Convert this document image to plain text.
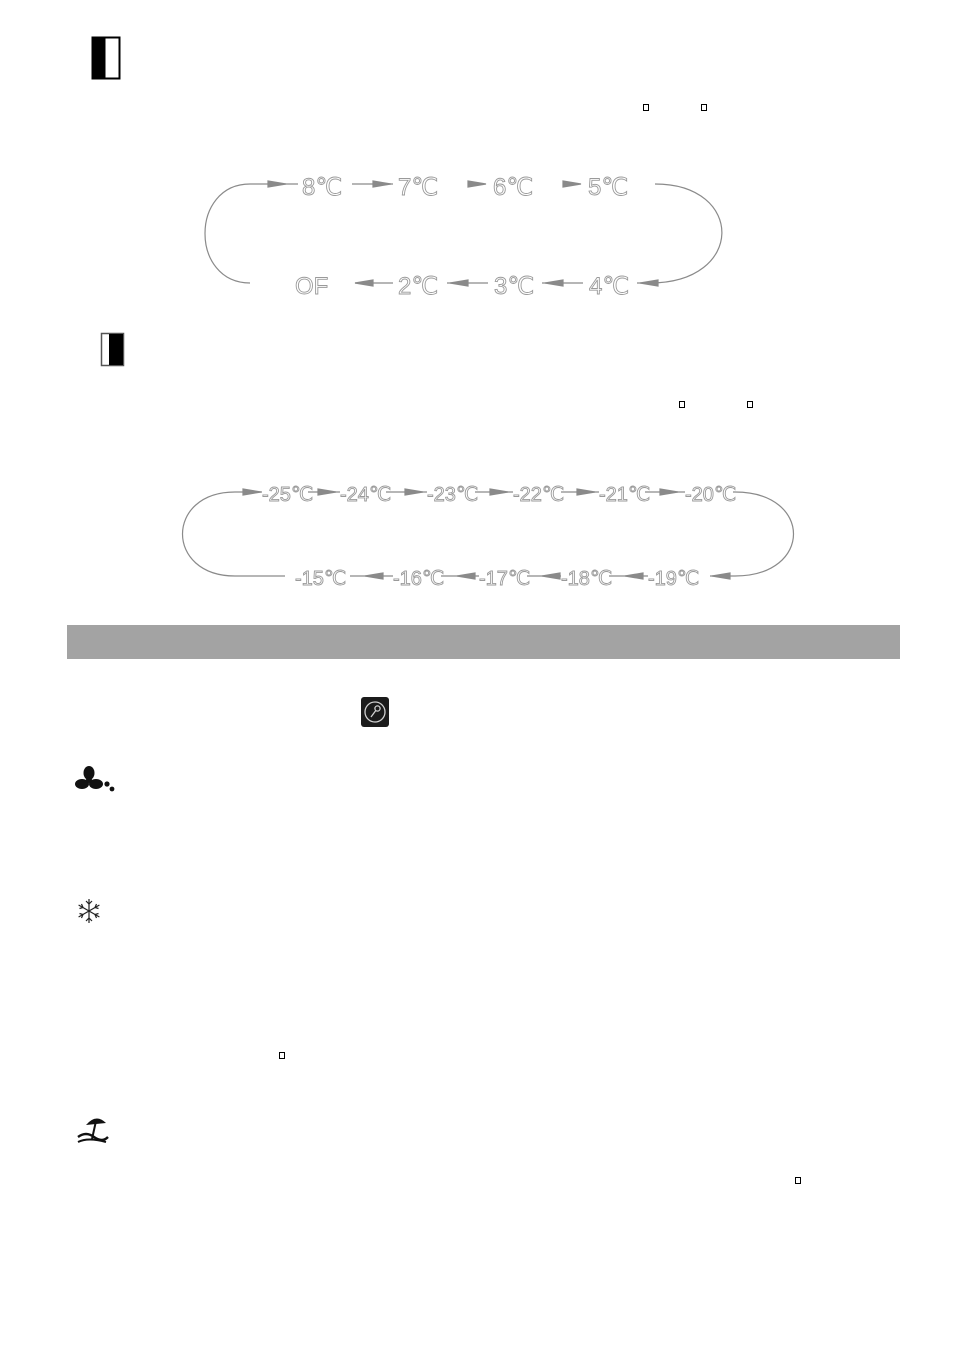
8℃ 7℃ 6℃ 5℃
OF	2℃ 3℃ 4℃
-25℃ -24℃ -23℃ -22℃ -21℃ -20℃
-15℃ -16℃ -17℃ -18℃ -19℃
